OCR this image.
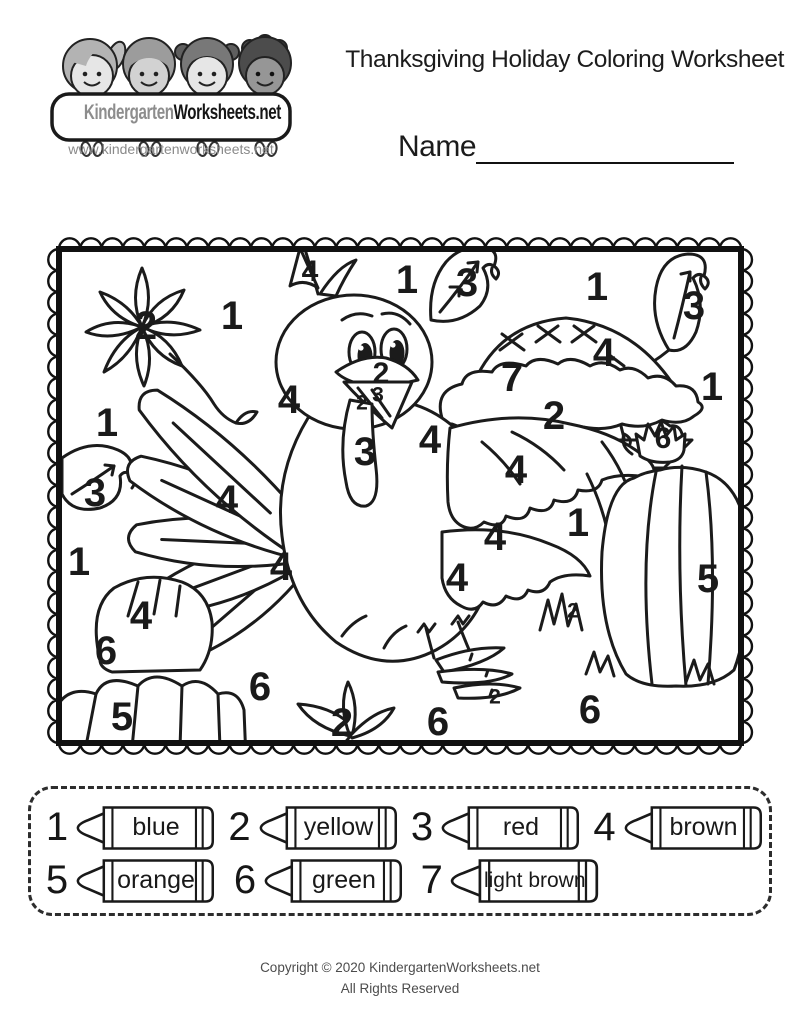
KindergartenWorksheets.net
www.kindergartenworksheets.net
Thanksgiving Holiday Coloring Worksheet
Name
2 1
4 1 3	1 3
4
7	1
2
3
2
4
1	2
4	6
3	4
3	4
1
4
1	4	5
4
2
4
6
6	2 6
5	2 6
1	blue	2	yellow 3	red	4	brown
5	orange 6	green	7 light brown
Copyright © 2020 KindergartenWorksheets.net
All Rights Reserved
